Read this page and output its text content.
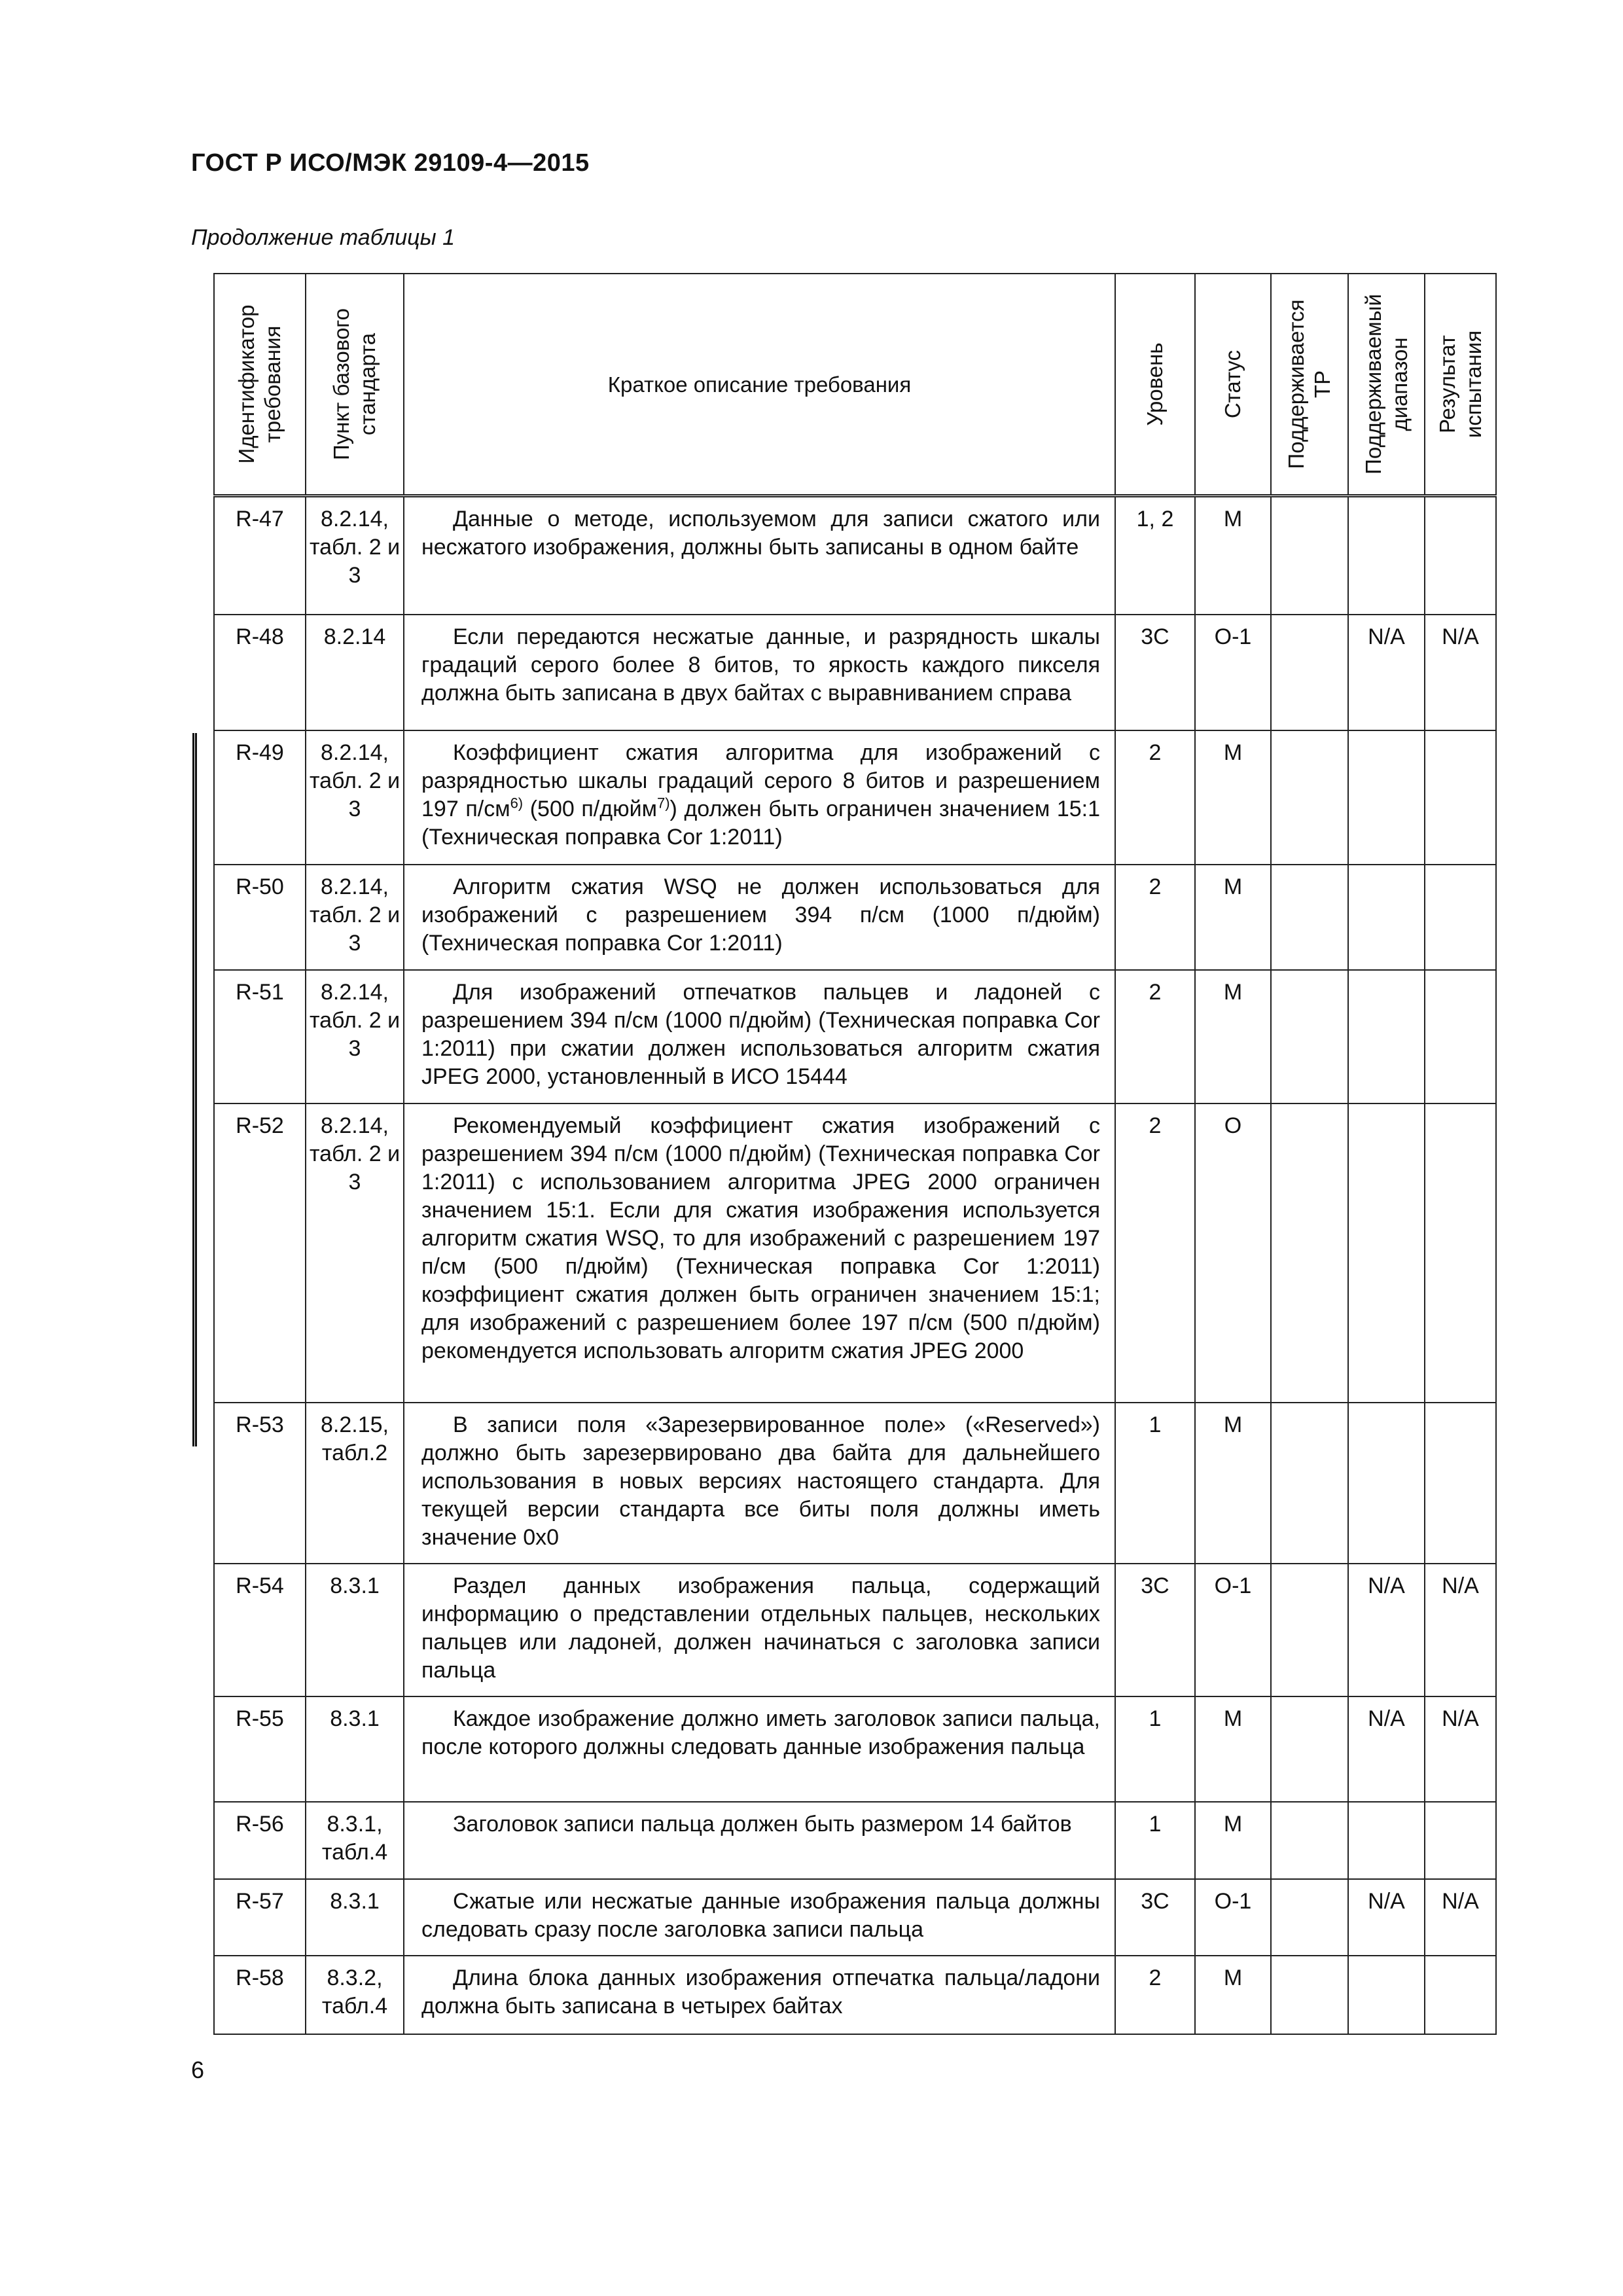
ГОСТ Р ИСО/МЭК 29109-4—2015
Продолжение таблицы 1
Идентификатор требования	Пункт базового стандарта	Краткое описание требования	Уровень	Статус	Поддерживается ТР	Поддерживаемый диапазон	Результат испытания

R-47	8.2.14, табл. 2 и 3	Данные о методе, используемом для записи сжатого или несжатого изображения, должны быть записаны в одном байте	1, 2	M			
R-48	8.2.14	Если передаются несжатые данные, и разрядность шкалы градаций серого более 8 битов, то яркость каждого пикселя должна быть записана в двух байтах с выравниванием справа	3C	O-1		N/A	N/A
R-49	8.2.14, табл. 2 и 3	Коэффициент сжатия алгоритма для изображений с разрядностью шкалы градаций серого 8 битов и разрешением 197 $п/см^{6)}$ (500 п/дюйм$^{7)}$) должен быть ограничен значением 15:1 (Техническая поправка Cor 1:2011)	2	M			
R-50	8.2.14, табл. 2 и 3	Алгоритм сжатия WSQ не должен использоваться для изображений с разрешением 394 п/см (1000 п/дюйм) (Техническая поправка Cor 1:2011)	2	M			
R-51	8.2.14, табл. 2 и 3	Для изображений отпечатков пальцев и ладоней с разрешением 394 п/см (1000 п/дюйм) (Техническая поправка Cor 1:2011) при сжатии должен использоваться алгоритм сжатия JPEG 2000, установленный в ИСО 15444	2	M			
R-52	8.2.14, табл. 2 и 3	Рекомендуемый коэффициент сжатия изображений с разрешением 394 п/см (1000 п/дюйм) (Техническая поправка Cor 1:2011) с использованием алгоритма JPEG 2000 ограничен значением 15:1. Если для сжатия изображения используется алгоритм сжатия WSQ, то для изображений с разрешением 197 п/см (500 п/дюйм) (Техническая поправка Cor 1:2011) коэффициент сжатия должен быть ограничен значением 15:1; для изображений с разрешением более 197 п/см (500 п/дюйм) рекомендуется использовать алгоритм сжатия JPEG 2000	2	O			
R-53	8.2.15, табл.2	В записи поля «Зарезервированное поле» («Reserved») должно быть зарезервировано два байта для дальнейшего использования в новых версиях настоящего стандарта. Для текущей версии стандарта все биты поля должны иметь значение 0x0	1	M			
R-54	8.3.1	Раздел данных изображения пальца, содержащий информацию о представлении отдельных пальцев, нескольких пальцев или ладоней, должен начинаться с заголовка записи пальца	3C	O-1		N/A	N/A
R-55	8.3.1	Каждое изображение должно иметь заголовок записи пальца, после которого должны следовать данные изображения пальца	1	M		N/A	N/A
R-56	8.3.1, табл.4	Заголовок записи пальца должен быть размером 14 байтов	1	M			
R-57	8.3.1	Сжатые или несжатые данные изображения пальца должны следовать сразу после заголовка записи пальца	3C	O-1		N/A	N/A
R-58	8.3.2, табл.4	Длина блока данных изображения отпечатка пальца/ладони должна быть записана в четырех байтах	2	M			
6
